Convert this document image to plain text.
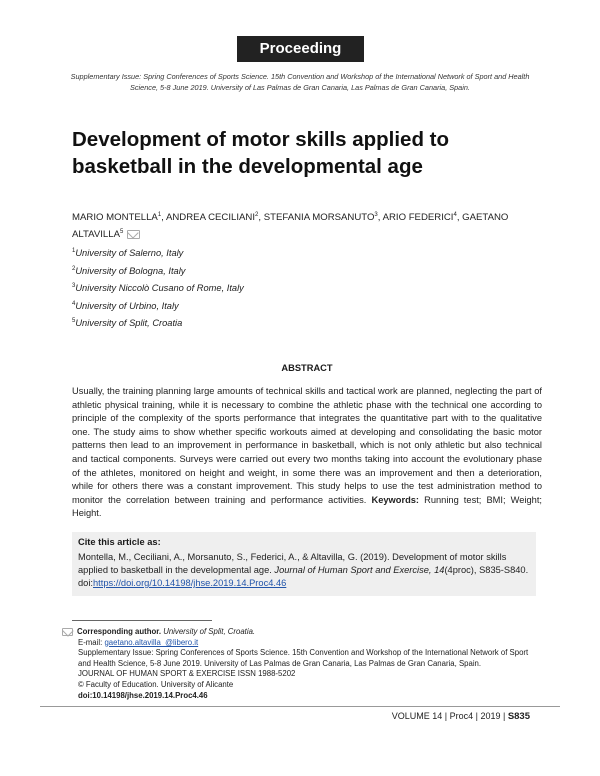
Proceeding
Supplementary Issue: Spring Conferences of Sports Science. 15th Convention and Workshop of the International Network of Sport and Health Science, 5-8 June 2019. University of Las Palmas de Gran Canaria, Las Palmas de Gran Canaria, Spain.
Development of motor skills applied to basketball in the developmental age
MARIO MONTELLA$^1$, ANDREA CECILIANI$^2$, STEFANIA MORSANUTO$^3$, ARIO FEDERICI$^4$, GAETANO ALTAVILLA$^5$
$^1$University of Salerno, Italy
$^2$University of Bologna, Italy
$^3$University Niccolò Cusano of Rome, Italy
$^4$University of Urbino, Italy
$^5$University of Split, Croatia
ABSTRACT
Usually, the training planning large amounts of technical skills and tactical work are planned, neglecting the part of athletic physical training, while it is necessary to combine the athletic phase with the technical one according to principle of the complexity of the sports performance that integrates the quantitative part with to the qualitative one. The study aims to show whether specific workouts aimed at developing and consolidating the basic motor patterns then lead to an improvement in performance in basketball, which is not only athletic but also technical and tactical components. Surveys were carried out every two months taking into account the evolutionary phase of the athletes, monitored on height and weight, in some there was an improvement and then a deterioration, while for others there was a constant improvement. This study helps to use the test administration method to monitor the correlation between training and performance activities. Keywords: Running test; BMI; Weight; Height.
Cite this article as:
Montella, M., Ceciliani, A., Morsanuto, S., Federici, A., & Altavilla, G. (2019). Development of motor skills applied to basketball in the developmental age. Journal of Human Sport and Exercise, 14(4proc), S835-S840. doi:https://doi.org/10.14198/jhse.2019.14.Proc4.46
Corresponding author. University of Split, Croatia.
E-mail: gaetano.altavilla_@libero.it
Supplementary Issue: Spring Conferences of Sports Science. 15th Convention and Workshop of the International Network of Sport and Health Science, 5-8 June 2019. University of Las Palmas de Gran Canaria, Las Palmas de Gran Canaria, Spain.
JOURNAL OF HUMAN SPORT & EXERCISE ISSN 1988-5202
© Faculty of Education. University of Alicante
doi:10.14198/jhse.2019.14.Proc4.46
VOLUME 14 | Proc4 | 2019 | S835
